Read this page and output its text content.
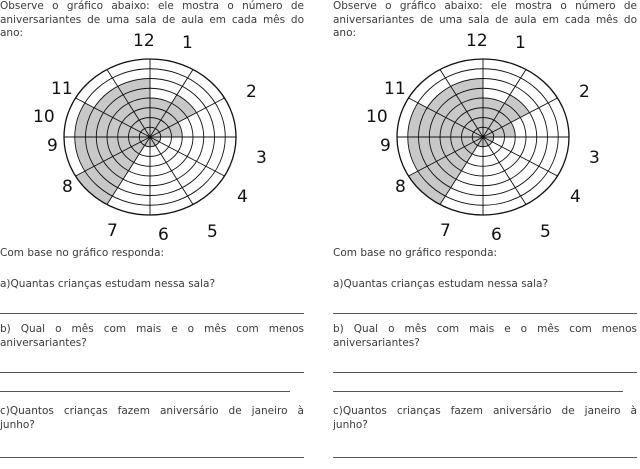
Observe o gráfico abaixo: ele mostra o número de
aniversariantes de uma sala de aula em cada mês do
ano:	1
2
3
4
5
6
7
8
9
10
11
12
Com base no gráfico responda:
a)Quantas crianças estudam nessa sala?
b) Qual o mês com mais e o mês com menos
aniversariantes?
c)Quantos crianças fazem aniversário de janeiro à
junho?
Observe o gráfico abaixo: ele mostra o número de
aniversariantes de uma sala de aula em cada mês do
ano:	1
2
3
4
5
6
7
8
9
10
11
12
Com base no gráfico responda:
a)Quantas crianças estudam nessa sala?
b) Qual o mês com mais e o mês com menos
aniversariantes?
c)Quantos crianças fazem aniversário de janeiro à
junho?
